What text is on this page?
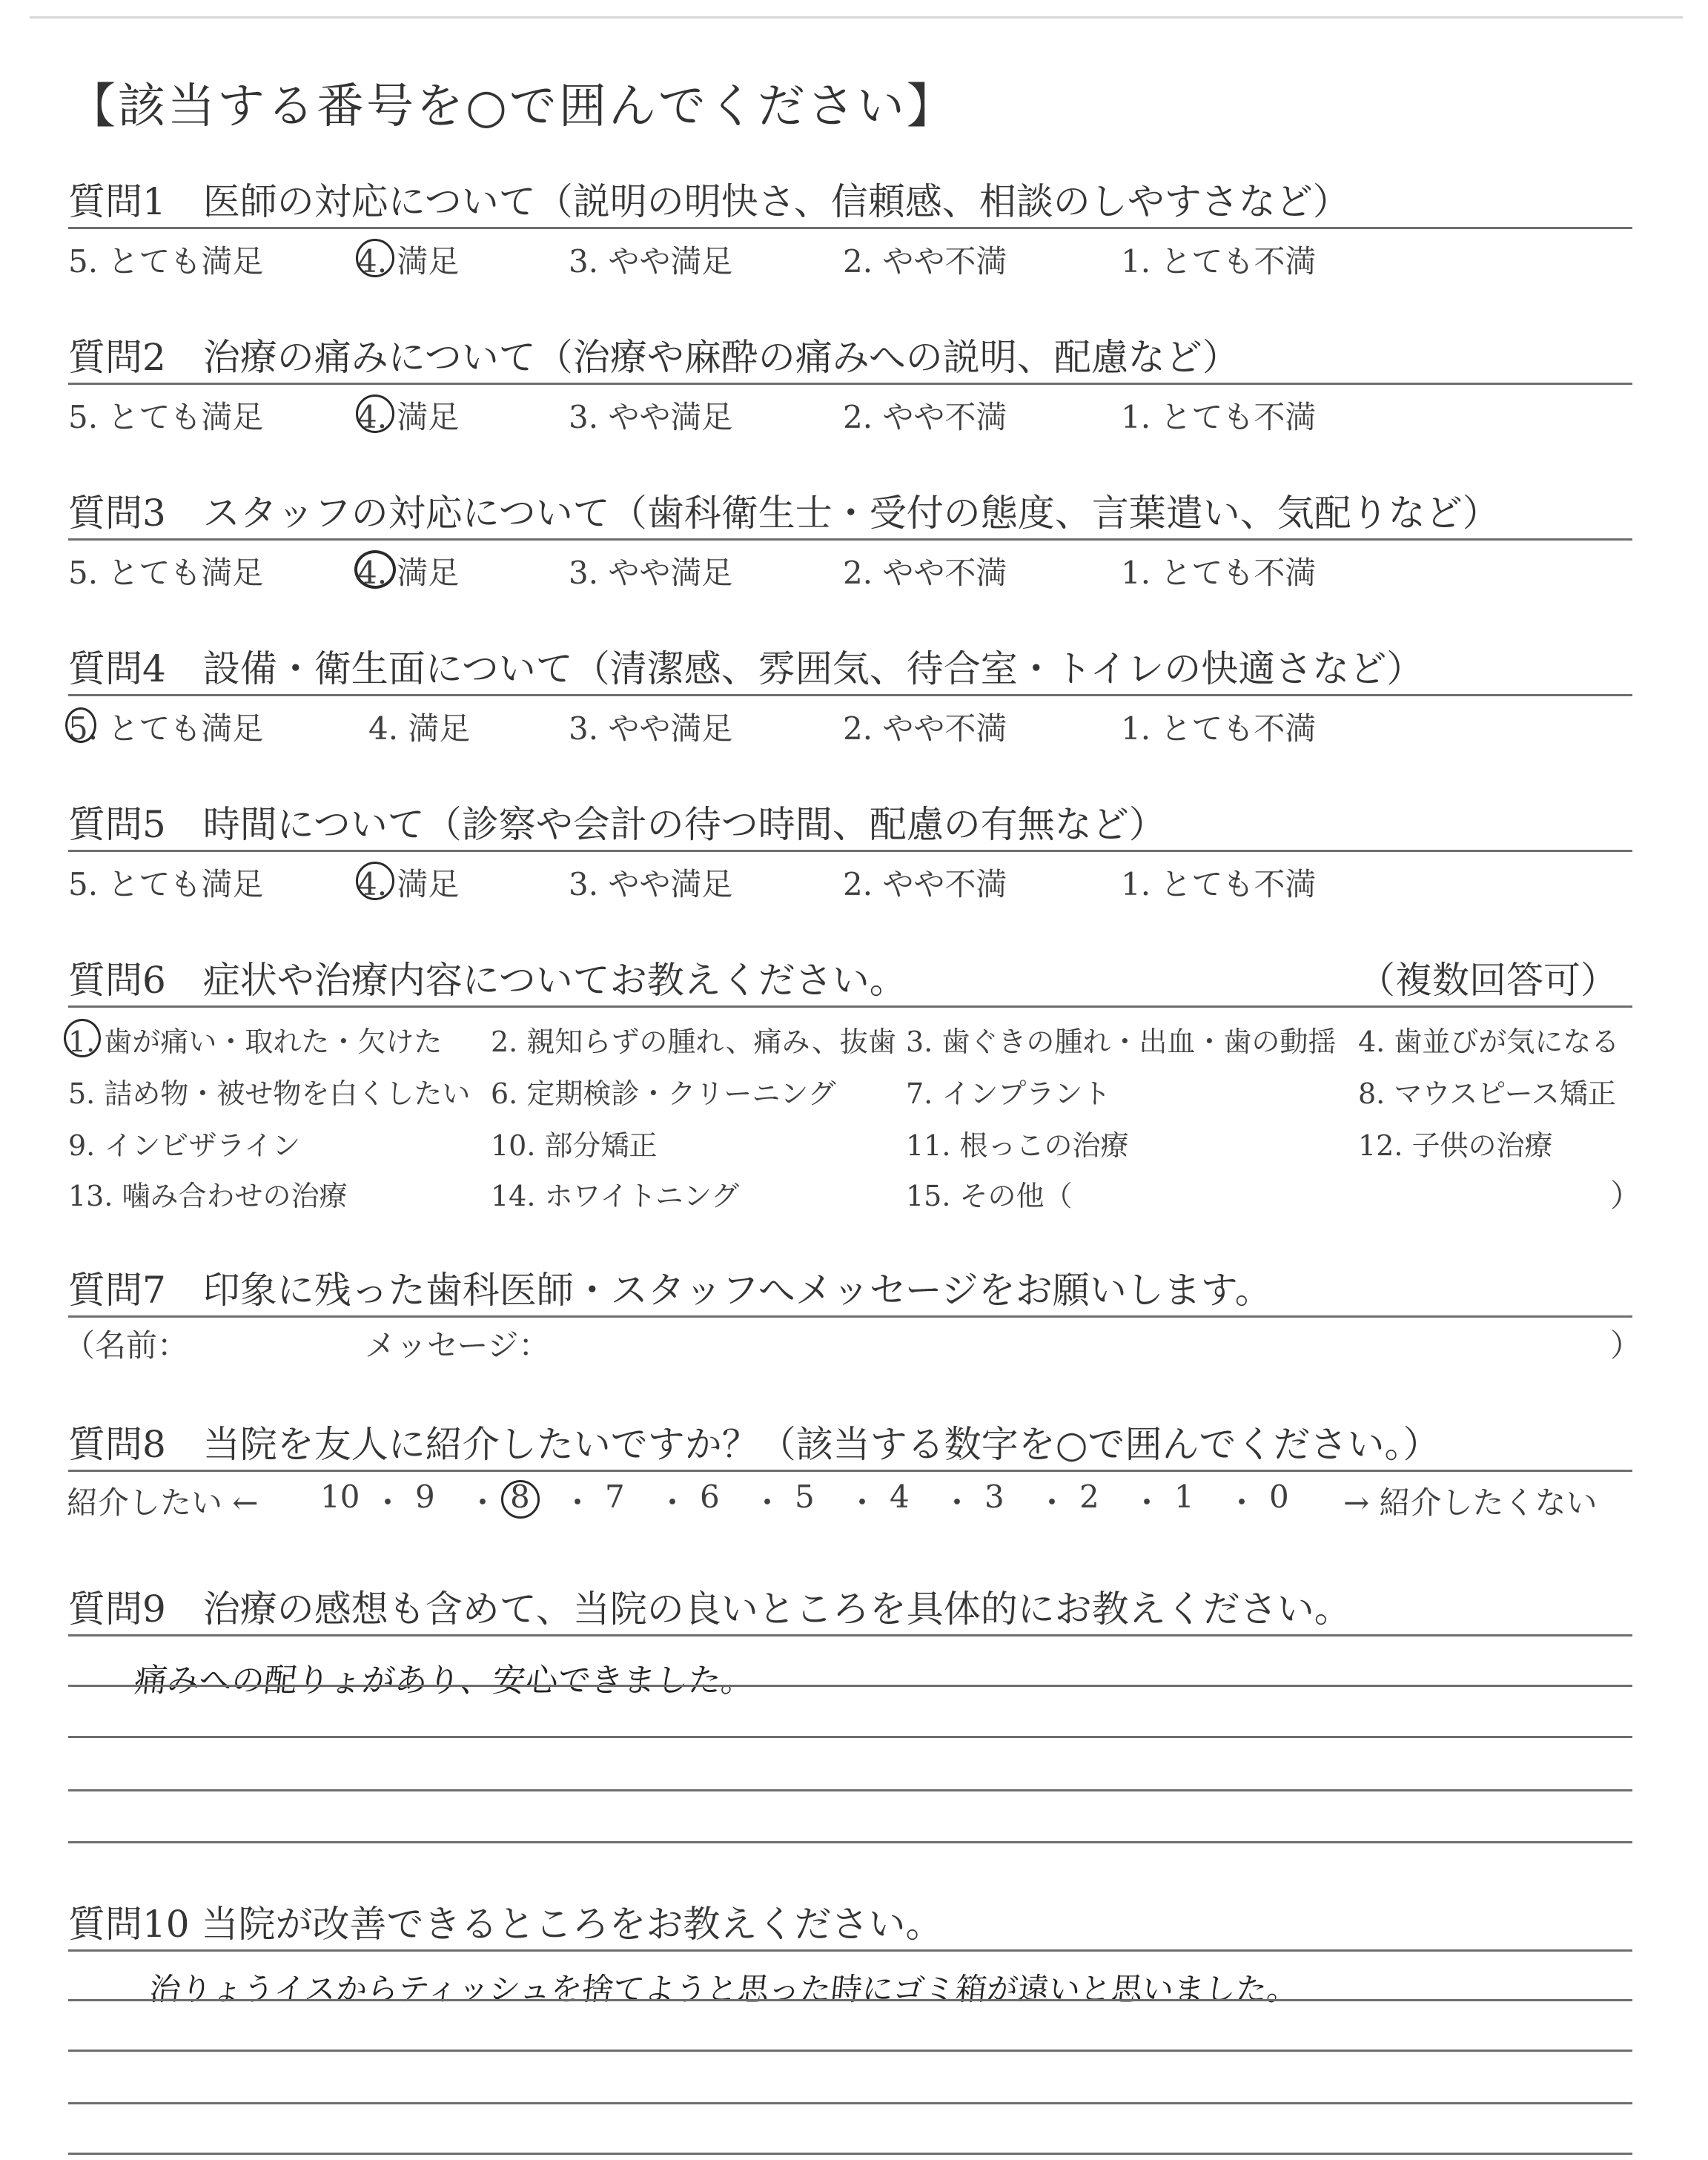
【該当する番号を○で囲んでください】
質問1　医師の対応について（説明の明快さ、信頼感、相談のしやすさなど）
5. とても満足	4. 満足	3. やや満足	2. やや不満	1. とても不満
質問2　治療の痛みについて（治療や麻酔の痛みへの説明、配慮など）
5. とても満足	4. 満足	3. やや満足	2. やや不満	1. とても不満
質問3　スタッフの対応について（歯科衛生士・受付の態度、言葉遣い、気配りなど）
5. とても満足	4. 満足	3. やや満足	2. やや不満	1. とても不満
質問4　設備・衛生面について（清潔感、雰囲気、待合室・トイレの快適さなど）
5. とても満足	4. 満足	3. やや満足	2. やや不満	1. とても不満
質問5　時間について（診察や会計の待つ時間、配慮の有無など）
5. とても満足	4. 満足	3. やや満足	2. やや不満	1. とても不満
質問6　症状や治療内容についてお教えください。	（複数回答可）
1. 歯が痛い・取れた・欠けた 2. 親知らずの腫れ、痛み、抜歯 3. 歯ぐきの腫れ・出血・歯の動揺 4. 歯並びが気になる
5. 詰め物・被せ物を白くしたい 6. 定期検診・クリーニング 7. インプラント	8. マウスピース矯正
9. インビザライン	10. 部分矯正	11. 根っこの治療	12. 子供の治療
13. 噛み合わせの治療	14. ホワイトニング	15. その他（	）
質問7　印象に残った歯科医師・スタッフへメッセージをお願いします。
（名前：	メッセージ：	）
質問8　当院を友人に紹介したいですか？（該当する数字を○で囲んでください。）
紹介したい ← 10 ・ 9 ・ 8 ・ 7 ・ 6 ・ 5 ・ 4 ・ 3 ・ 2 ・ 1 ・ 0 → 紹介したくない
質問9　治療の感想も含めて、当院の良いところを具体的にお教えください。
痛みへの配りょがあり、安心できました。
質問10 当院が改善できるところをお教えください。
治りょうイスからティッシュを捨てようと思った時にゴミ箱が遠いと思いました。
